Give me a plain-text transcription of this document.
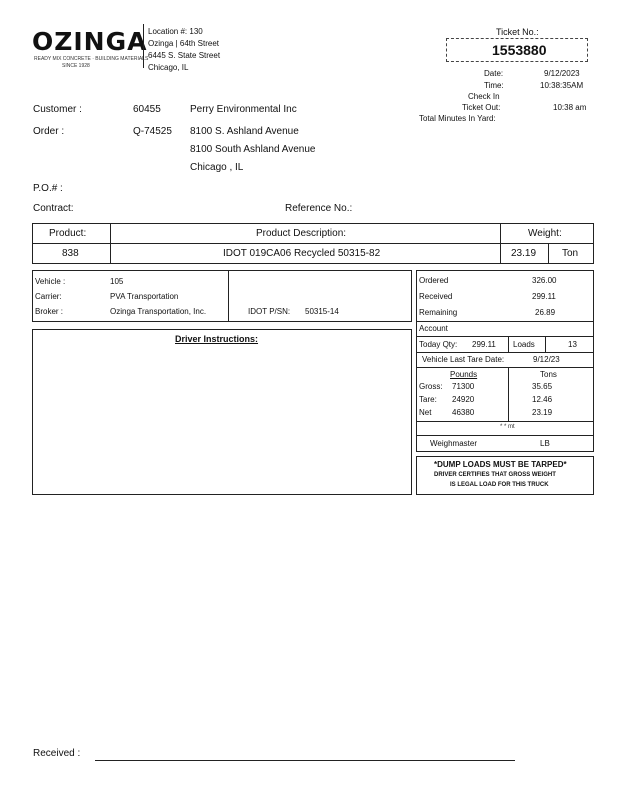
OZINGA
READY MIX CONCRETE · BUILDING MATERIALS
SINCE 1928
Location #: 130
Ozinga | 64th Street
6445 S. State Street
Chicago, IL
Ticket No.:
1553880
Date:	9/12/2023
Time:	10:38:35AM
Check In
Ticket Out:	10:38 am
Total Minutes In Yard:
Customer :	60455	Perry Environmental Inc
Order :	Q-74525 8100 S. Ashland Avenue
8100 South Ashland Avenue
Chicago , IL
P.O.# :
Contract:	Reference No.:
Product:	Product Description:	Weight:
838	IDOT 019CA06 Recycled 50315-82	23.19	Ton
Vehicle :	105
Carrier:	PVA Transportation
Broker :	Ozinga Transportation, Inc.	IDOT P/SN: 50315-14
Driver Instructions:
Ordered	326.00
Received	299.11
Remaining	26.89
Account
Today Qty: 299.11 Loads	13
Vehicle Last Tare Date:	9/12/23
Pounds	Tons
Gross: 71300	35.65
Tare: 24920	12.46
Net	46380	23.19
* * mt
Weighmaster	LB
*DUMP LOADS MUST BE TARPED*
DRIVER CERTIFIES THAT GROSS WEIGHT
IS LEGAL LOAD FOR THIS TRUCK
Received :
